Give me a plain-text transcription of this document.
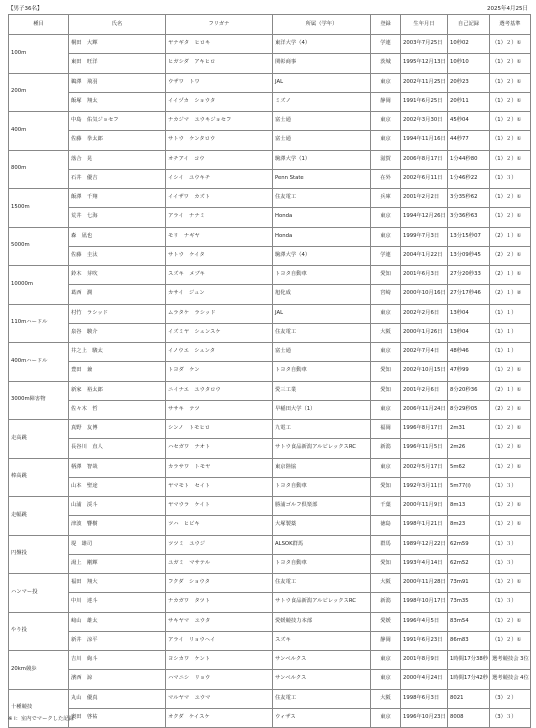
【男子36名】	2025年4月25日
種目	氏名	フリガナ	所属（学年）	登録	生年月日	自己記録	選考基準
100m	桐田　大輝	ヤナギタ　ヒロキ	東洋大学（4）	学連	2003年7月25日	10秒02	（1）２）①
	東田　旺洋	ヒガシダ　アキヒロ	関彰商事	茨城	1995年12月13日	10秒10	（1）２）①
200m	鵜澤　飛羽	ウザワ　トワ	JAL	東京	2002年11月25日	20秒23	（1）２）①
	飯塚　翔太	イイヅカ　ショウタ	ミズノ	静岡	1991年6月25日	20秒11	（1）２）①
400m	中島　佑気ジョセフ	ナカジマ　ユウキジョセフ	富士通	東京	2002年3月30日	45秒04	（1）２）①
	佐藤　拳太郎	サトウ　ケンタロウ	富士通	東京	1994年11月16日	44秒77	（1）２）①
800m	落合　晃	オチアイ　コウ	駒澤大学（1）	滋賀	2006年8月17日	1分44秒80	（1）２）①
	石井　優吉	イシイ　ユウキチ	Penn State	在外	2002年6月11日	1分46秒22	（1）３）
1500m	飯澤　千翔	イイザワ　カズト	住友電工	兵庫	2001年2月2日	3分35秒62	（1）２）①
	荒井　七海	アライ　ナナミ	Honda	東京	1994年12月26日	3分36秒63	（1）２）①
5000m	森　凪也	モリ　ナギヤ	Honda	東京	1999年7月3日	13分15秒07	（2）１）①
	佐藤　圭汰	サトウ　ケイタ	駒澤大学（4）	学連	2004年1月22日	13分09秒45	（2）２）①
10000m	鈴木　芽吹	スズキ　メブキ	トヨタ自動車	愛知	2001年6月3日	27分20秒33	（2）１）①
	葛西　潤	カサイ　ジュン	旭化成	宮崎	2000年10月16日	27分17秒46	（2）１）②
110mハードル	村竹　ラシッド	ムラタケ　ラシッド	JAL	東京	2002年2月6日	13秒04	（1）１）
	泉谷　駿介	イズミヤ　シュンスケ	住友電工	大阪	2000年1月26日	13秒04	（1）１）
400mハードル	井之上　駿太	イノウエ　シュンタ	富士通	東京	2002年7月4日	48秒46	（1）１）
	豊田　兼	トヨダ　ケン	トヨタ自動車	愛知	2002年10月15日	47秒99	（1）２）①
3000m障害物	新家　裕太郎	ニイナエ　ユウタロウ	愛三工業	愛知	2001年2月6日	8分20秒36	（2）１）①
	佐々木　哲	ササキ　テツ	早稲田大学（1）	東京	2006年11月24日	8分29秒05	（2）２）①
走高跳	真野　友博	シンノ　トモヒロ	九電工	福岡	1996年8月17日	2m31	（1）２）①
	長谷川　直人	ハセガワ　ナオト	サトウ食品新潟アルビレックスRC	新潟	1996年11月5日	2m26	（1）２）①
棒高跳	柄澤　智哉	カラサワ　トモヤ	東京陸協	東京	2002年5月17日	5m62	（1）２）①
	山本　聖途	ヤマモト　セイト	トヨタ自動車	愛知	1992年3月11日	5m77(i)	（1）３）
走幅跳	山浦　渓斗	ヤマウラ　ケイト	勝浦ゴルフ倶楽部	千葉	2000年11月9日	8m13	（1）２）①
	津波　響樹	ツハ　ヒビキ	大塚製薬	徳島	1998年1月21日	8m23	（1）２）①
円盤投	堤　雄司	ツツミ　ユウジ	ALSOK群馬	群馬	1989年12月22日	62m59	（1）３）
	湯上　剛輝	ユガミ　マサテル	トヨタ自動車	愛知	1993年4月14日	62m52	（1）３）
ハンマー投	福田　翔大	フクダ　ショウタ	住友電工	大阪	2000年11月28日	73m91	（1）２）①
	中川　達斗	ナカガワ　タツト	サトウ食品新潟アルビレックスRC	新潟	1998年10月17日	73m35	（1）３）
やり投	﨑山　雄太	サキヤマ　ユウタ	愛媛競技力本部	愛媛	1996年4月5日	83m54	（1）２）①
	新井　涼平	アライ　リョウヘイ	スズキ	静岡	1991年6月23日	86m83	（1）２）①
20km競歩	吉川　絢斗	ヨシカワ　ケント	サンベルクス	東京	2001年8月9日	1時間17分38秒	選考競技会 3位
	濱西　諒	ハマニシ　リョウ	サンベルクス	東京	2000年4月24日	1時間17分42秒	選考競技会 4位
十種競技	丸山　優真	マルヤマ　ユウマ	住友電工	大阪	1998年6月3日	8021	（3）２）
	奥田　啓祐	オクダ　ケイスケ	ウィザス	東京	1996年10月23日	8008	（3）３）
※ i：室内でマークした記録
